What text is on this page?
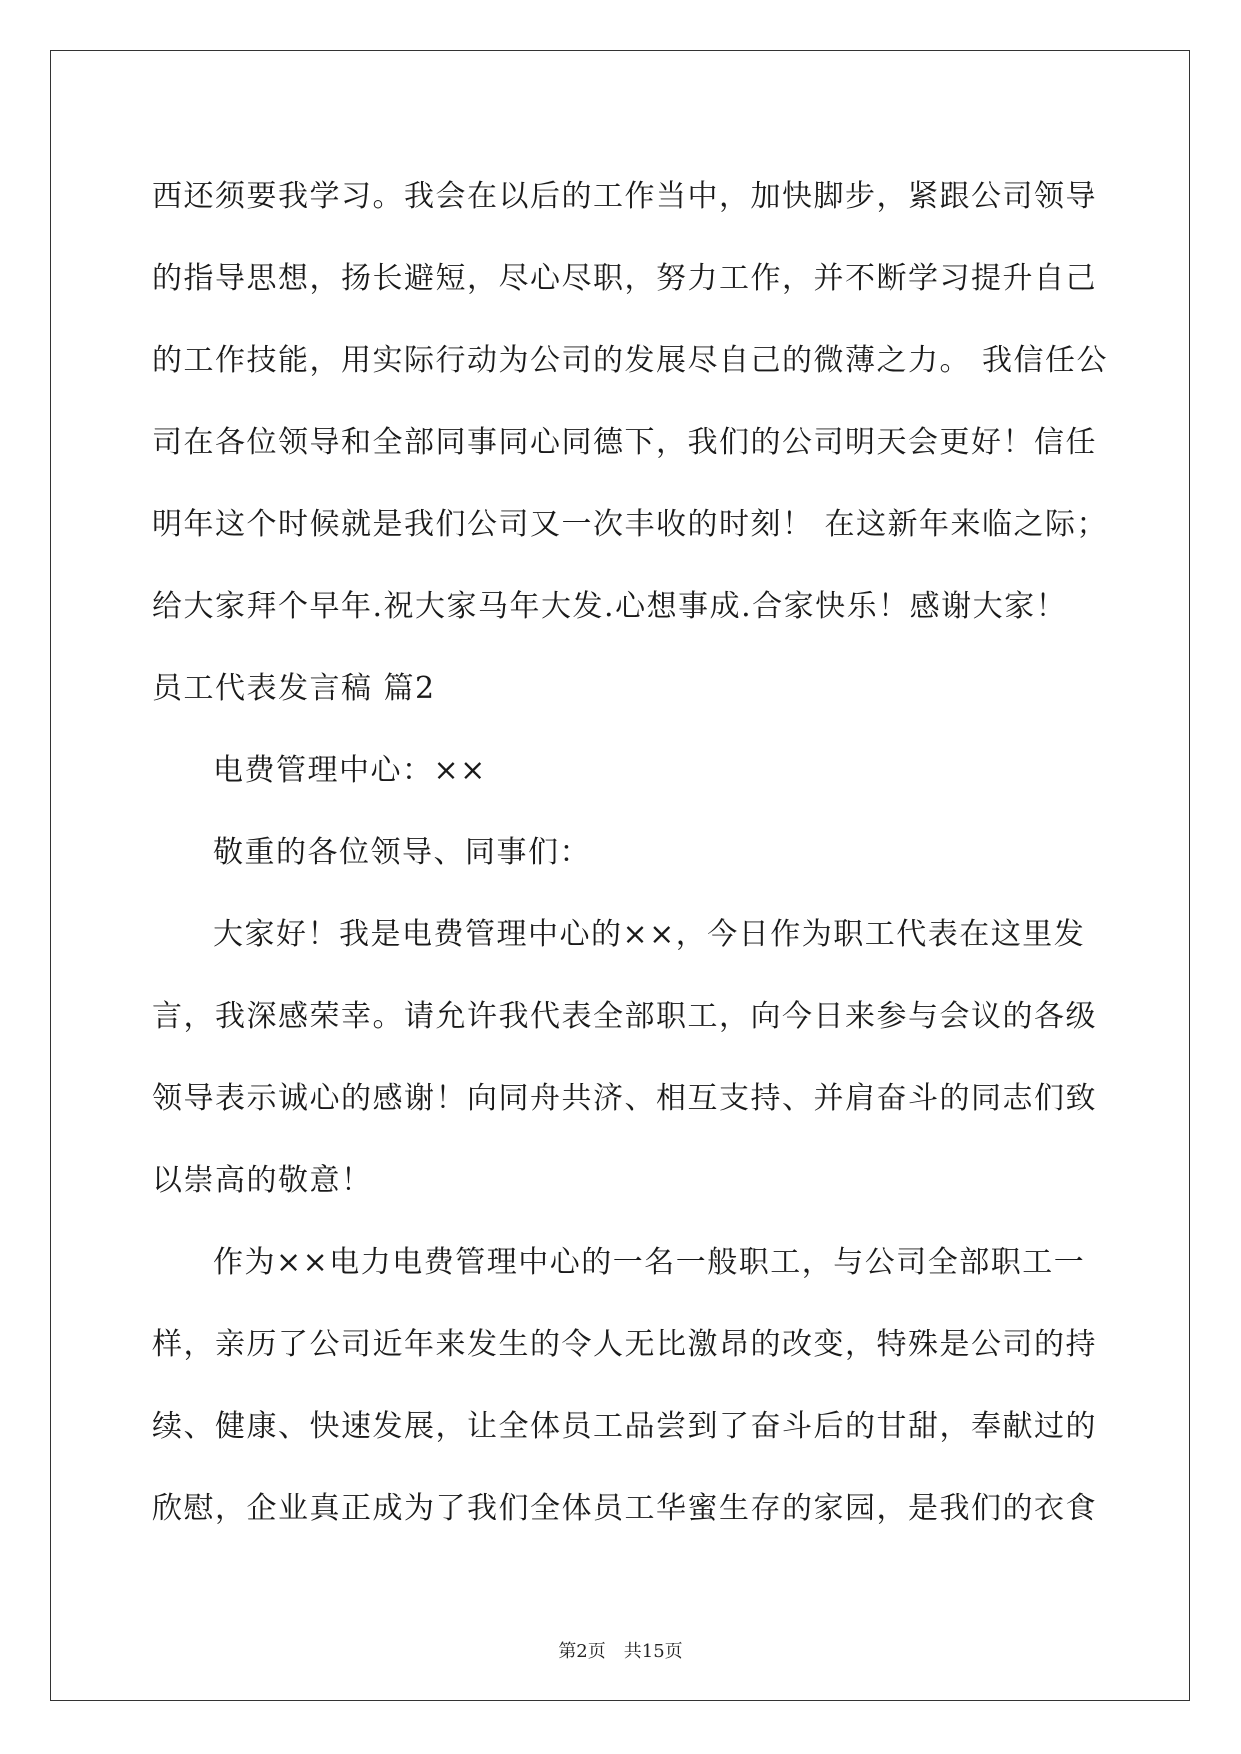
西还须要我学习。我会在以后的工作当中，加快脚步，紧跟公司领导
的指导思想，扬长避短，尽心尽职，努力工作，并不断学习提升自己
的工作技能，用实际行动为公司的发展尽自己的微薄之力。 我信任公
司在各位领导和全部同事同心同德下，我们的公司明天会更好！信任
明年这个时候就是我们公司又一次丰收的时刻！ 在这新年来临之际；
给大家拜个早年.祝大家马年大发.心想事成.合家快乐！感谢大家！
员工代表发言稿 篇2
电费管理中心：××
敬重的各位领导、同事们：
大家好！我是电费管理中心的××，今日作为职工代表在这里发
言，我深感荣幸。请允许我代表全部职工，向今日来参与会议的各级
领导表示诚心的感谢！向同舟共济、相互支持、并肩奋斗的同志们致
以崇高的敬意！
作为××电力电费管理中心的一名一般职工，与公司全部职工一
样，亲历了公司近年来发生的令人无比激昂的改变，特殊是公司的持
续、健康、快速发展，让全体员工品尝到了奋斗后的甘甜，奉献过的
欣慰，企业真正成为了我们全体员工华蜜生存的家园，是我们的衣食
第2页 共15页
